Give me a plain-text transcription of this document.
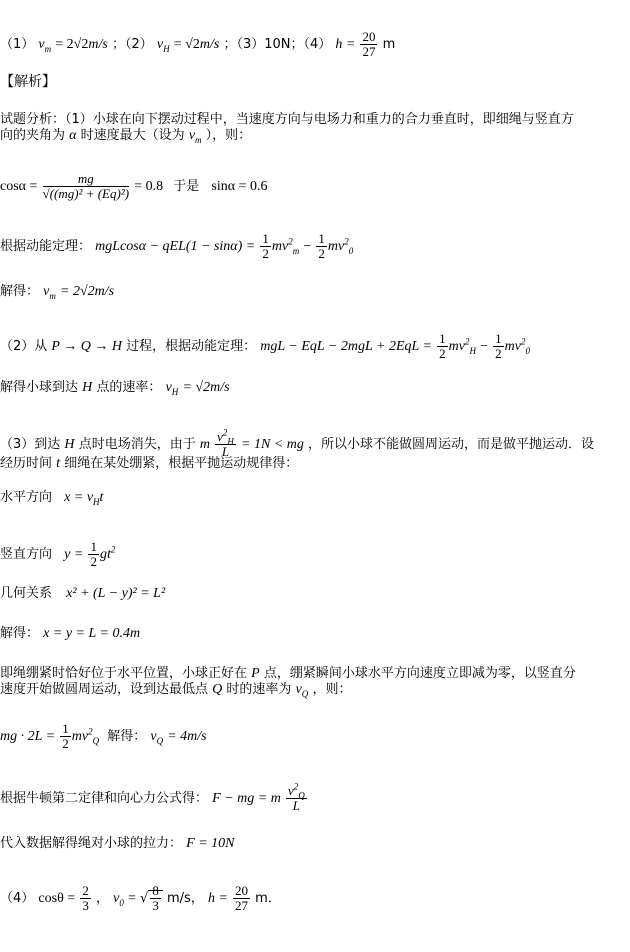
（1） $v_m = 2√2m/s$ ；（2） $v_H = √2m/s$ ；（3）10N；（4） $h = \frac{20}{27}$ m
【解析】
试题分析：（1）小球在向下摆动过程中，当速度方向与电场力和重力的合力垂直时，即细绳与竖直方
向的夹角为 α 时速度最大（设为 $v_m$ ），则：
$\cos\alpha = \frac{mg}{\text{√((mg)² + (Eq)²)}} = 0.8$ 于是 sinα = 0.6
根据动能定理： $mgLcos\alpha - qEL(1 - \sin\alpha) = \frac{1}{2} mv^2_m - \frac{1}{2} mv^2_0$
解得： $v_m = 2√2m/s$
（2）从 P → Q → H 过程，根据动能定理： mgL − EqL − $2mgL + 2EqL = \frac{1}{2} mv^2_H - \frac{1}{2} mv^2_0$
解得小球到达 H 点的速率： $v_H = √2m/s$
（3）到达 H 点时电场消失，由于 m $\frac{v^2_H}{L} = 1N$ < mg ，所以小球不能做圆周运动，而是做平抛运动．设
经历时间 t 细绳在某处绷紧，根据平抛运动规律得：
水平方向 $x = v_Ht$
竖直方向 $y = \frac{1}{2} gt^2$
几何关系 x² + (L − y)² = L²
解得： x = y = L = 0.4m
即绳绷紧时恰好位于水平位置，小球正好在 P 点，绷紧瞬间小球水平方向速度立即减为零，以竖直分
速度开始做圆周运动，设到达最低点 Q 时的速率为 $v_Q$ ，则：
mg · $2L = \frac{1}{2} mv^2_Q$ 解得： $v_Q = 4m/s$
根据牛顿第二定律和向心力公式得： F − mg = m $\frac{v^2_Q}{L}$
代入数据解得绳对小球的拉力： F = 10N
（4） $\cos\theta = \frac{2}{3}$ ， $v_0$ = √ $\frac{8}{3} m/s$， $h = \frac{20}{27}$ m．
